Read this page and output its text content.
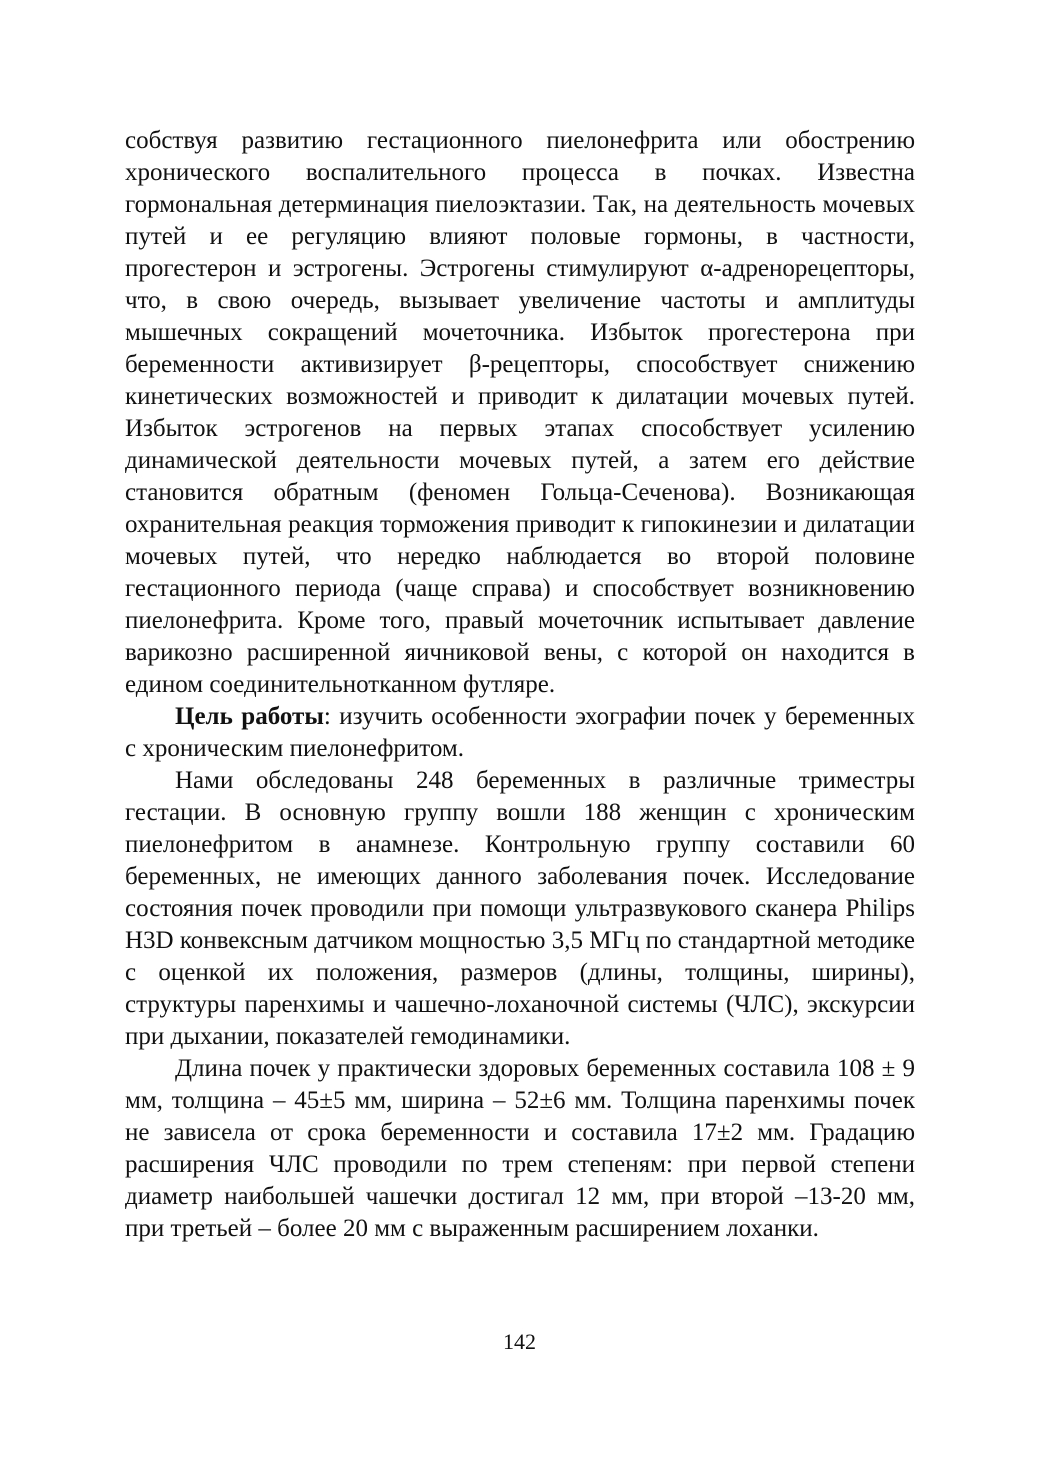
собствуя развитию гестационного пиелонефрита или обострению хронического воспалительного процесса в почках. Известна гормональная детерминация пиелоэктазии. Так, на деятельность мочевых путей и ее регуляцию влияют половые гормоны, в частности, прогестерон и эстрогены. Эстрогены стимулируют α-адренорецепторы, что, в свою очередь, вызывает увеличение частоты и амплитуды мышечных сокращений мочеточника. Избыток прогестерона при беременности активизирует β-рецепторы, способствует снижению кинетических возможностей и приводит к дилатации мочевых путей. Избыток эстрогенов на первых этапах способствует усилению динамической деятельности мочевых путей, а затем его действие становится обратным (феномен Гольца-Сеченова). Возникающая охранительная реакция торможения приводит к гипокинезии и дилатации мочевых путей, что нередко наблюдается во второй половине гестационного периода (чаще справа) и способствует возникновению пиелонефрита. Кроме того, правый мочеточник испытывает давление варикозно расширенной яичниковой вены, с которой он находится в едином соединительнотканном футляре.

Цель работы: изучить особенности эхографии почек у беременных с хроническим пиелонефритом.

Нами обследованы 248 беременных в различные триместры гестации. В основную группу вошли 188 женщин с хроническим пиелонефритом в анамнезе. Контрольную группу составили 60 беременных, не имеющих данного заболевания почек. Исследование состояния почек проводили при помощи ультразвукового сканера Philips H3D конвексным датчиком мощностью 3,5 МГц по стандартной методике с оценкой их положения, размеров (длины, толщины, ширины), структуры паренхимы и чашечно-лоханочной системы (ЧЛС), экскурсии при дыхании, показателей гемодинамики.

Длина почек у практически здоровых беременных составила 108 ± 9 мм, толщина – 45±5 мм, ширина – 52±6 мм. Толщина паренхимы почек не зависела от срока беременности и составила 17±2 мм. Градацию расширения ЧЛС проводили по трем степеням: при первой степени диаметр наибольшей чашечки достигал 12 мм, при второй –13-20 мм, при третьей – более 20 мм с выраженным расширением лоханки.

142
